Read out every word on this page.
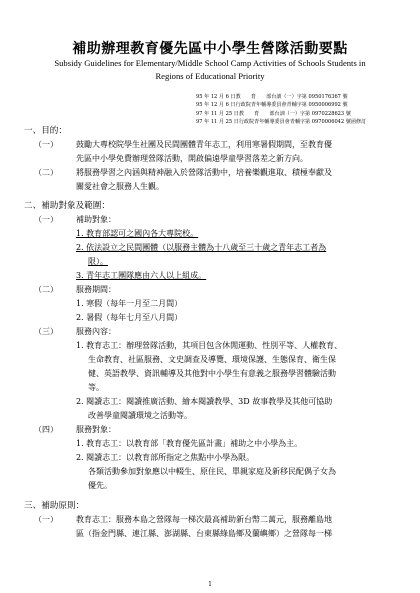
補助辦理教育優先區中小學生營隊活動要點
Subsidy Guidelines for Elementary/Middle School Camp Activities of Schools Students in Regions of Educational Priority
95 年 12 月 6 日教　　育　　部台訓（一）字第 0950176367 號
95 年 12 月 6 日行政院青年輔導委員會青輔字第 0950006992 號
97 年 11 月 25 日教　　育　　部台訓（一）字第 0970228623 號
97 年 11 月 25 日行政院青年輔導委員會青輔字第 0970006042 號函修訂
一、目的：
（一） 鼓勵大專校院學生社團及民間團體青年志工，利用寒暑假期間，至教育優
先區中小學免費辦理營隊活動，開啟偏遠學童學習落差之新方向。
（二） 將服務學習之內涵與精神融入於營隊活動中，培養樂觀進取、積極奉獻及
關愛社會之服務人生觀。
二、補助對象及範圍：
（一） 補助對象：
1. 教育部認可之國內各大專院校。
2. 依法設立之民間團體（以服務主體為十八歲至三十歲之青年志工者為
限）。
3. 青年志工團隊應由六人以上組成。
（二） 服務期間：
1. 寒假（每年一月至二月間）
2. 暑假（每年七月至八月間）
（三） 服務內容：
1. 教育志工：辦理營隊活動，其項目包含休閒運動、性別平等、人權教育、
生命教育、社區服務、文史調查及導覽、環境保護、生態保育、衛生保
健、英語教學、資訊輔導及其他對中小學生有意義之服務學習體驗活動
等。
2. 閱讀志工：閱讀推廣活動、繪本閱讀教學、3D 故事教學及其他可協助
改善學童閱讀環境之活動等。
（四） 服務對象：
1. 教育志工：以教育部「教育優先區計畫」補助之中小學為主。
2. 閱讀志工：以教育部所指定之焦點中小學為限。
各類活動參加對象應以中輟生、原住民、單親家庭及新移民配偶子女為
優先。
三、補助原則：
（一） 教育志工：服務本島之營隊每一梯次最高補助新台幣二萬元，服務離島地
區（指金門縣、連江縣、澎湖縣、台東縣綠島鄉及蘭嶼鄉）之營隊每一梯
1
